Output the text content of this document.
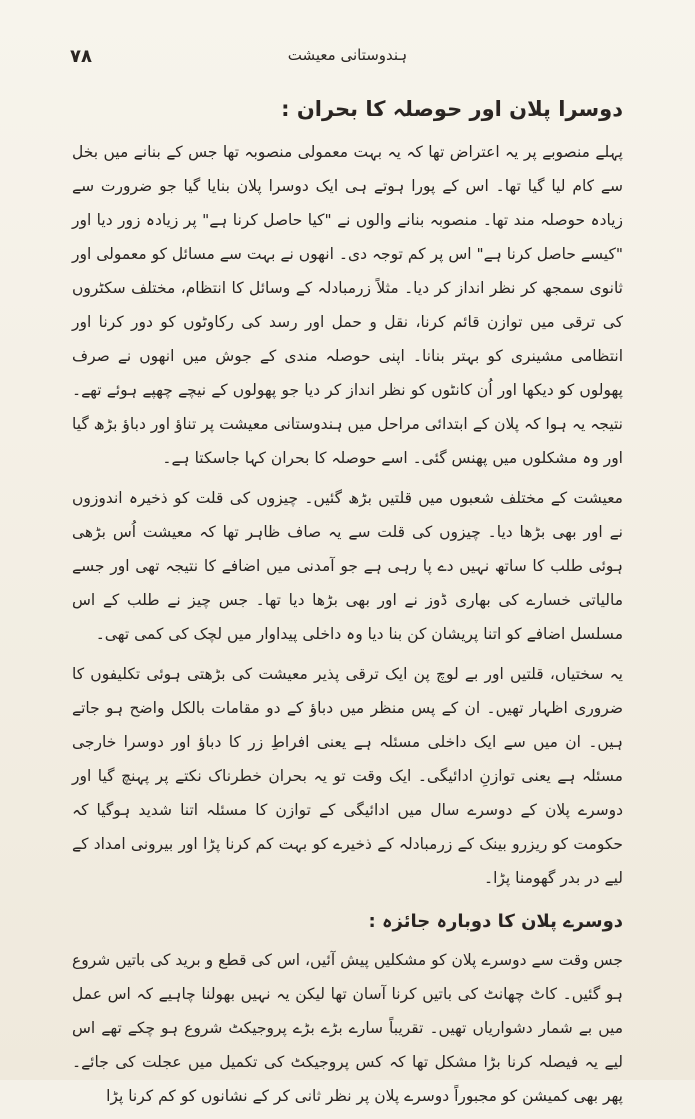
۷۸	ہندوستانی معیشت
دوسرا پلان اور حوصلہ کا بحران :

پہلے منصوبے پر یہ اعتراض تھا کہ یہ بہت معمولی منصوبہ تھا جس کے بنانے میں بخل سے کام لیا گیا تھا۔ اس کے پورا ہوتے ہی ایک دوسرا پلان بنایا گیا جو ضرورت سے زیادہ حوصلہ مند تھا۔ منصوبہ بنانے والوں نے "کیا حاصل کرنا ہے" پر زیادہ زور دیا اور "کیسے حاصل کرنا ہے" اس پر کم توجہ دی۔ انھوں نے بہت سے مسائل کو معمولی اور ثانوی سمجھ کر نظر انداز کر دیا۔ مثلاً زرمبادلہ کے وسائل کا انتظام، مختلف سکٹروں کی ترقی میں توازن قائم کرنا، نقل و حمل اور رسد کی رکاوٹوں کو دور کرنا اور انتظامی مشینری کو بہتر بنانا۔ اپنی حوصلہ مندی کے جوش میں انھوں نے صرف پھولوں کو دیکھا اور اُن کانٹوں کو نظر انداز کر دیا جو پھولوں کے نیچے چھپے ہوئے تھے۔ نتیجہ یہ ہوا کہ پلان کے ابتدائی مراحل میں ہندوستانی معیشت پر تناؤ اور دباؤ بڑھ گیا اور وہ مشکلوں میں پھنس گئی۔ اسے حوصلہ کا بحران کہا جاسکتا ہے۔

معیشت کے مختلف شعبوں میں قلتیں بڑھ گئیں۔ چیزوں کی قلت کو ذخیرہ اندوزوں نے اور بھی بڑھا دیا۔ چیزوں کی قلت سے یہ صاف ظاہر تھا کہ معیشت اُس بڑھی ہوئی طلب کا ساتھ نہیں دے پا رہی ہے جو آمدنی میں اضافے کا نتیجہ تھی اور جسے مالیاتی خسارے کی بھاری ڈوز نے اور بھی بڑھا دیا تھا۔ جس چیز نے طلب کے اس مسلسل اضافے کو اتنا پریشان کن بنا دیا وہ داخلی پیداوار میں لچک کی کمی تھی۔

یہ سختیاں، قلتیں اور بے لوچ پن ایک ترقی پذیر معیشت کی بڑھتی ہوئی تکلیفوں کا ضروری اظہار تھیں۔ ان کے پس منظر میں دباؤ کے دو مقامات بالکل واضح ہو جاتے ہیں۔ ان میں سے ایک داخلی مسئلہ ہے یعنی افراطِ زر کا دباؤ اور دوسرا خارجی مسئلہ ہے یعنی توازنِ ادائیگی۔ ایک وقت تو یہ بحران خطرناک نکتے پر پہنچ گیا اور دوسرے پلان کے دوسرے سال میں ادائیگی کے توازن کا مسئلہ اتنا شدید ہوگیا کہ حکومت کو ریزرو بینک کے زرمبادلہ کے ذخیرے کو بہت کم کرنا پڑا اور بیرونی امداد کے لیے در بدر گھومنا پڑا۔

دوسرے پلان کا دوبارہ جائزہ :

جس وقت سے دوسرے پلان کو مشکلیں پیش آئیں، اس کی قطع و برید کی باتیں شروع ہو گئیں۔ کاٹ چھانٹ کی باتیں کرنا آسان تھا لیکن یہ نہیں بھولنا چاہیے کہ اس عمل میں بے شمار دشواریاں تھیں۔ تقریباً سارے بڑے بڑے پروجیکٹ شروع ہو چکے تھے اس لیے یہ فیصلہ کرنا بڑا مشکل تھا کہ کس پروجیکٹ کی تکمیل میں عجلت کی جائے۔ پھر بھی کمیشن کو مجبوراً دوسرے پلان پر نظر ثانی کر کے نشانوں کو کم کرنا پڑا
